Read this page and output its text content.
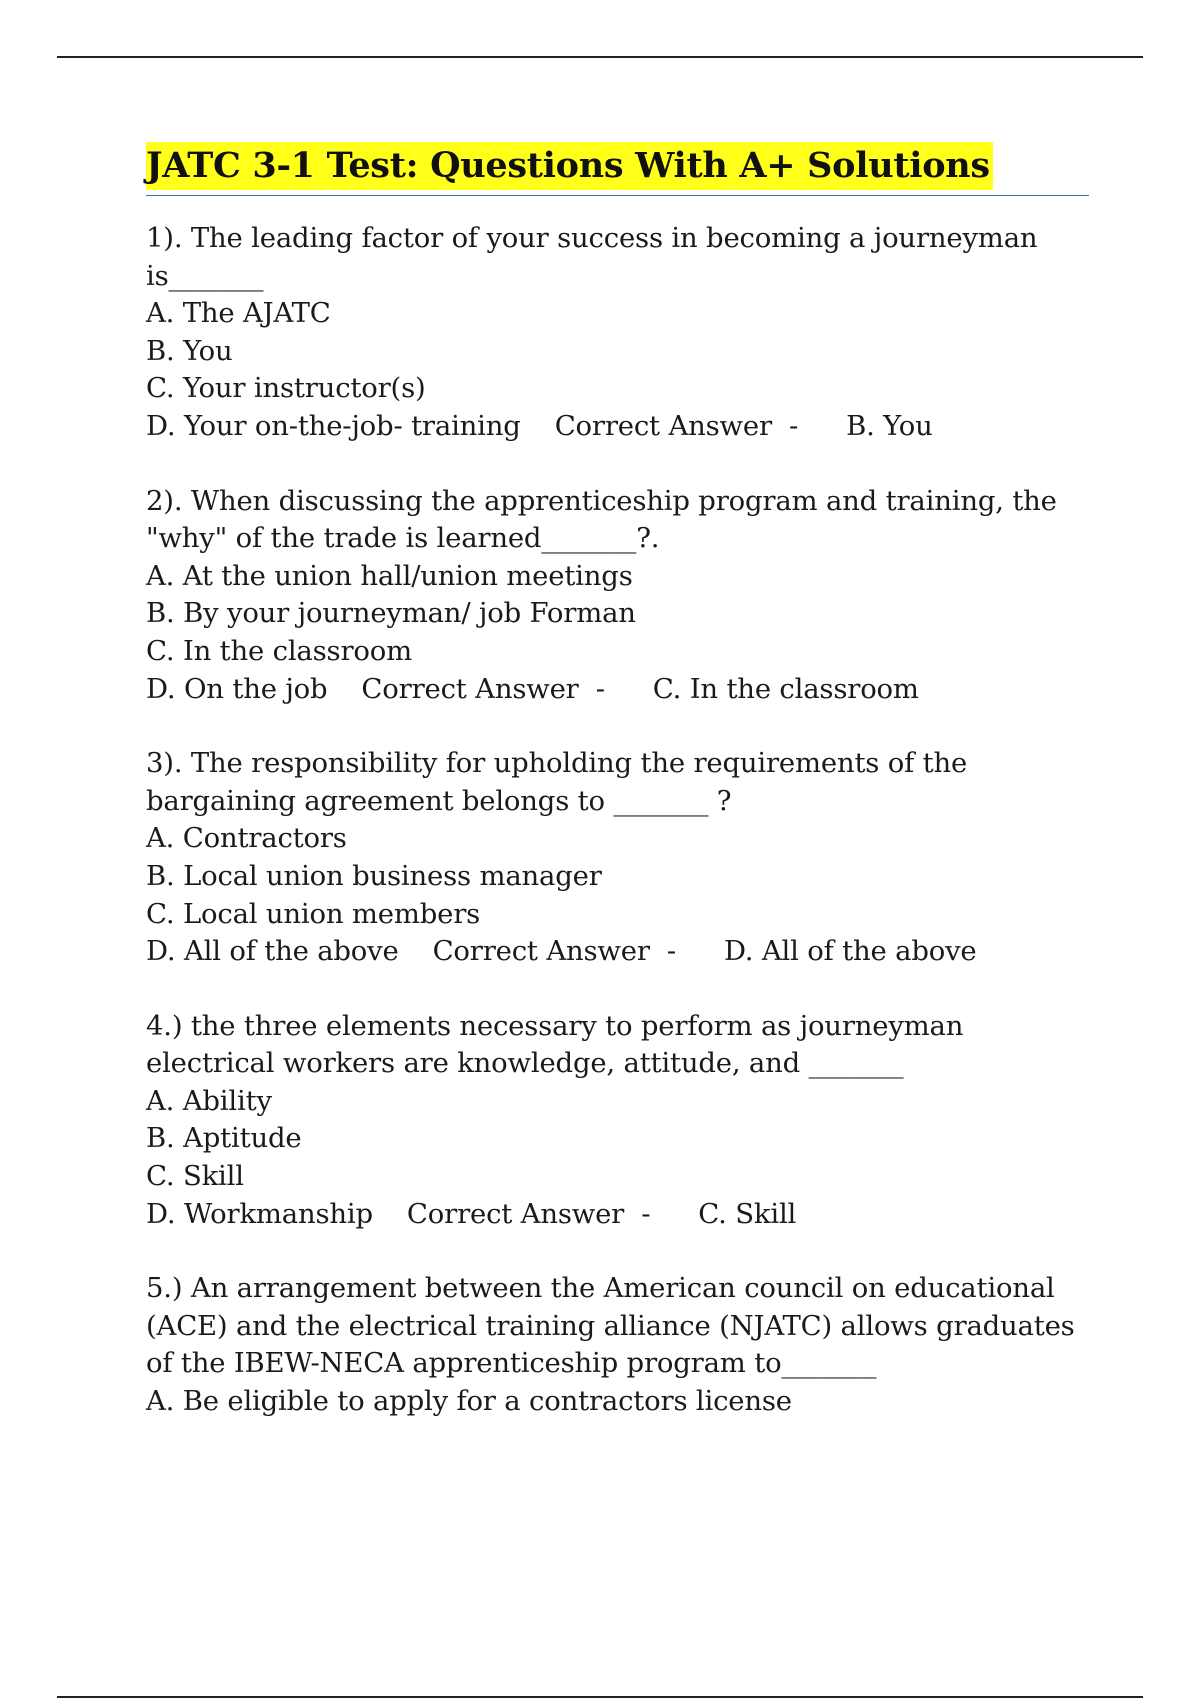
JATC 3-1 Test: Questions With A+ Solutions
1). The leading factor of your success in becoming a journeyman
is_______
A. The AJATC
B. You
C. Your instructor(s)
D. Your on-the-job- training Correct Answer  - B. You
2). When discussing the apprenticeship program and training, the
"why" of the trade is learned_______?.
A. At the union hall/union meetings
B. By your journeyman/ job Forman
C. In the classroom
D. On the job Correct Answer  - C. In the classroom
3). The responsibility for upholding the requirements of the
bargaining agreement belongs to _______ ?
A. Contractors
B. Local union business manager
C. Local union members
D. All of the above Correct Answer  - D. All of the above
4.) the three elements necessary to perform as journeyman
electrical workers are knowledge, attitude, and _______
A. Ability
B. Aptitude
C. Skill
D. Workmanship Correct Answer  - C. Skill
5.) An arrangement between the American council on educational
(ACE) and the electrical training alliance (NJATC) allows graduates
of the IBEW-NECA apprenticeship program to_______
A. Be eligible to apply for a contractors license
